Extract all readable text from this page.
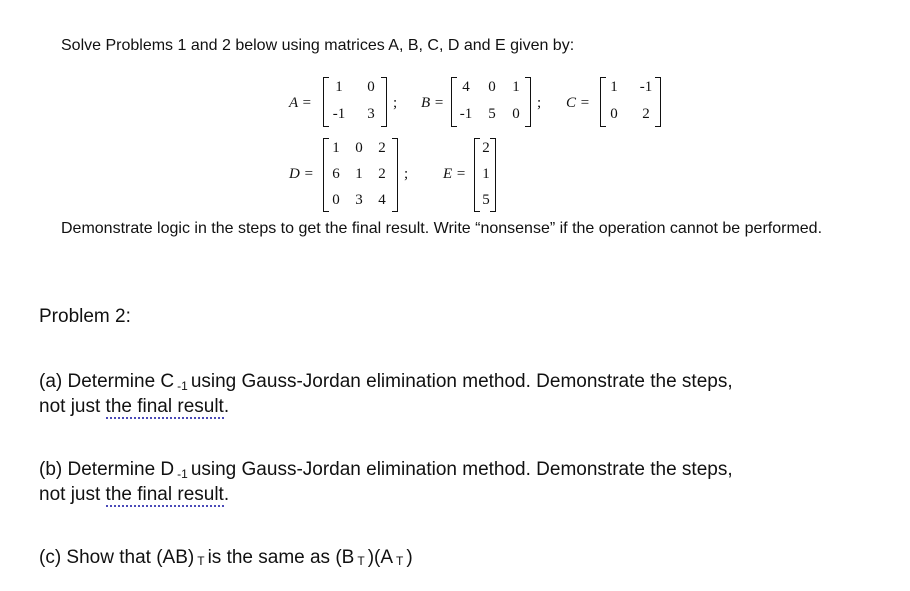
Solve Problems 1 and 2 below using matrices A, B, C, D and E given by:
A =
1 0
-1 3
; B =
4 0 1
-1 5 0
; C =
1 -1
0 2
D =
1 0 2
6 1 2
0 3 4
; E =
2
1
5
Demonstrate logic in the steps to get the final result. Write “nonsense” if the operation cannot be performed.
Problem 2:
(a) Determine C -1 using Gauss-Jordan elimination method. Demonstrate the steps,
not just the final result.
(b) Determine D -1 using Gauss-Jordan elimination method. Demonstrate the steps,
not just the final result.
(c) Show that (AB) T is the same as (B T )(A T )
